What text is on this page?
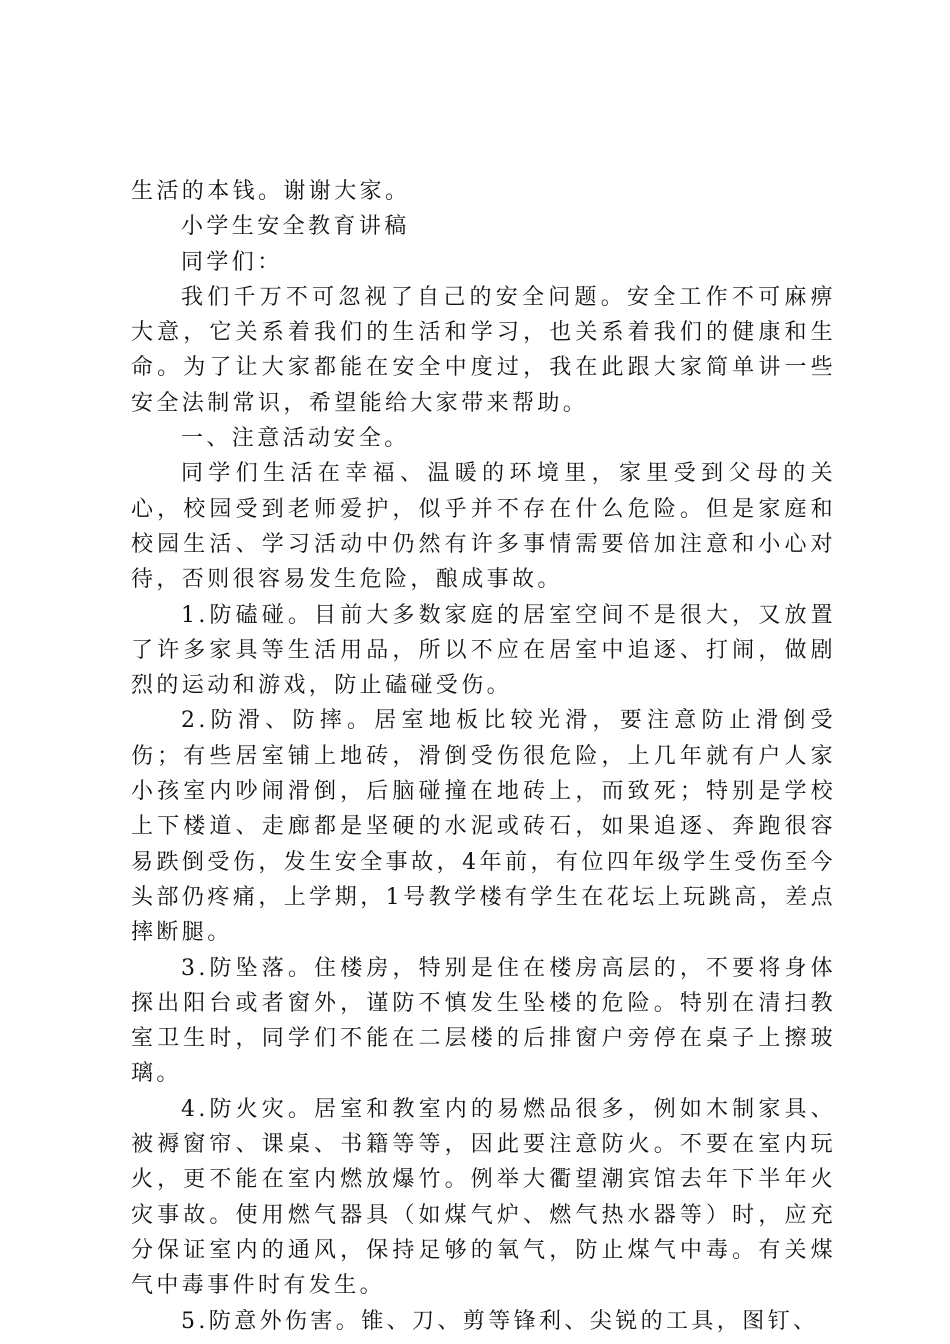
生活的本钱。谢谢大家。

小学生安全教育讲稿

同学们：

我们千万不可忽视了自己的安全问题。安全工作不可麻痹大意，它关系着我们的生活和学习，也关系着我们的健康和生命。为了让大家都能在安全中度过，我在此跟大家简单讲一些安全法制常识，希望能给大家带来帮助。

一、注意活动安全。

同学们生活在幸福、温暖的环境里，家里受到父母的关心，校园受到老师爱护，似乎并不存在什么危险。但是家庭和校园生活、学习活动中仍然有许多事情需要倍加注意和小心对待，否则很容易发生危险，酿成事故。

1.防磕碰。目前大多数家庭的居室空间不是很大，又放置了许多家具等生活用品，所以不应在居室中追逐、打闹，做剧烈的运动和游戏，防止磕碰受伤。

2.防滑、防摔。居室地板比较光滑，要注意防止滑倒受伤；有些居室铺上地砖，滑倒受伤很危险，上几年就有户人家小孩室内吵闹滑倒，后脑碰撞在地砖上，而致死；特别是学校上下楼道、走廊都是坚硬的水泥或砖石，如果追逐、奔跑很容易跌倒受伤，发生安全事故，4年前，有位四年级学生受伤至今头部仍疼痛，上学期，1号教学楼有学生在花坛上玩跳高，差点摔断腿。

3.防坠落。住楼房，特别是住在楼房高层的，不要将身体探出阳台或者窗外，谨防不慎发生坠楼的危险。特别在清扫教室卫生时，同学们不能在二层楼的后排窗户旁停在桌子上擦玻璃。

4.防火灾。居室和教室内的易燃品很多，例如木制家具、被褥窗帘、课桌、书籍等等，因此要注意防火。不要在室内玩火，更不能在室内燃放爆竹。例举大衢望潮宾馆去年下半年火灾事故。使用燃气器具（如煤气炉、燃气热水器等）时，应充分保证室内的通风，保持足够的氧气，防止煤气中毒。有关煤气中毒事件时有发生。

5.防意外伤害。锥、刀、剪等锋利、尖锐的工具，图钉、
